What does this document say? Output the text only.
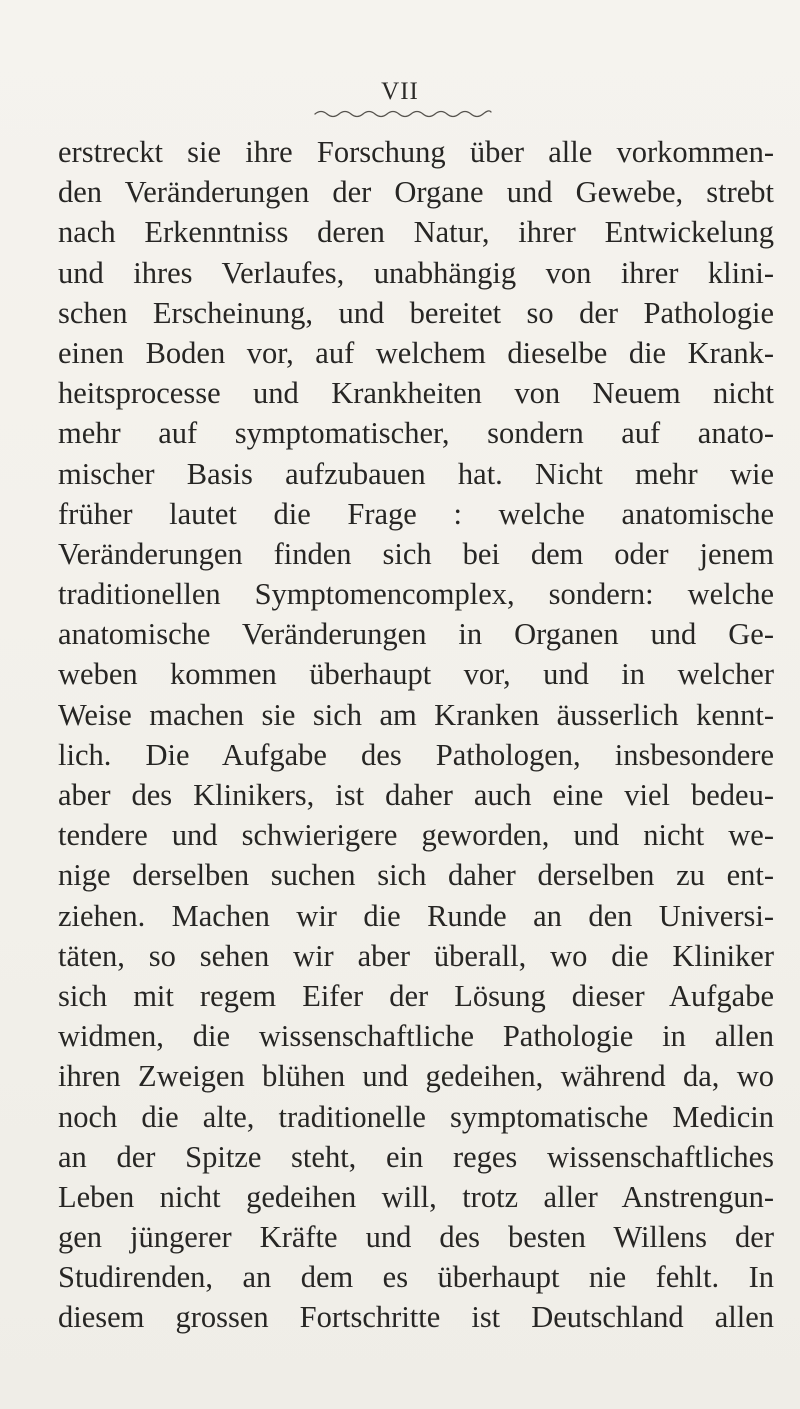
VII
erstreckt sie ihre Forschung über alle vorkommen-
den Veränderungen der Organe und Gewebe, strebt
nach Erkenntniss deren Natur, ihrer Entwickelung
und ihres Verlaufes, unabhängig von ihrer klini-
schen Erscheinung, und bereitet so der Pathologie
einen Boden vor, auf welchem dieselbe die Krank-
heitsprocesse und Krankheiten von Neuem nicht
mehr auf symptomatischer, sondern auf anato-
mischer Basis aufzubauen hat. Nicht mehr wie
früher lautet die Frage : welche anatomische
Veränderungen finden sich bei dem oder jenem
traditionellen Symptomencomplex, sondern: welche
anatomische Veränderungen in Organen und Ge-
weben kommen überhaupt vor, und in welcher
Weise machen sie sich am Kranken äusserlich kennt-
lich. Die Aufgabe des Pathologen, insbesondere
aber des Klinikers, ist daher auch eine viel bedeu-
tendere und schwierigere geworden, und nicht we-
nige derselben suchen sich daher derselben zu ent-
ziehen. Machen wir die Runde an den Universi-
täten, so sehen wir aber überall, wo die Kliniker
sich mit regem Eifer der Lösung dieser Aufgabe
widmen, die wissenschaftliche Pathologie in allen
ihren Zweigen blühen und gedeihen, während da, wo
noch die alte, traditionelle symptomatische Medicin
an der Spitze steht, ein reges wissenschaftliches
Leben nicht gedeihen will, trotz aller Anstrengun-
gen jüngerer Kräfte und des besten Willens der
Studirenden, an dem es überhaupt nie fehlt. In
diesem grossen Fortschritte ist Deutschland allen
